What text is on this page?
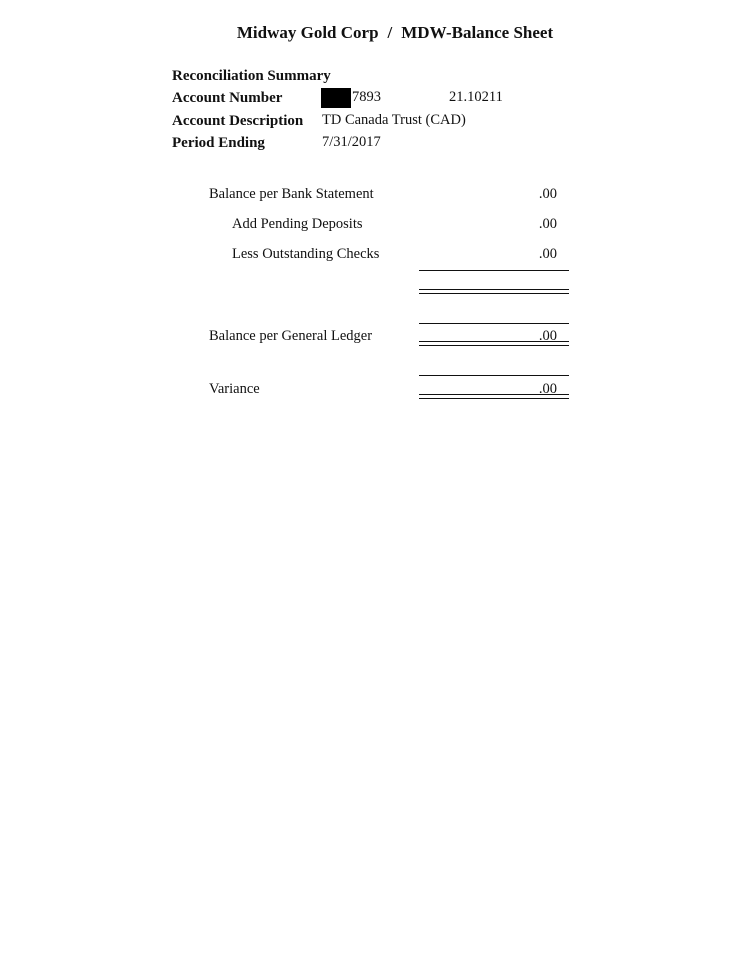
Midway Gold Corp / MDW-Balance Sheet
Reconciliation Summary
Account Number	7893	21.10211
Account Description TD Canada Trust (CAD)
Period Ending	7/31/2017
Balance per Bank Statement	.00
Add Pending Deposits	.00
Less Outstanding Checks	.00
Balance per General Ledger	.00
Variance	.00
